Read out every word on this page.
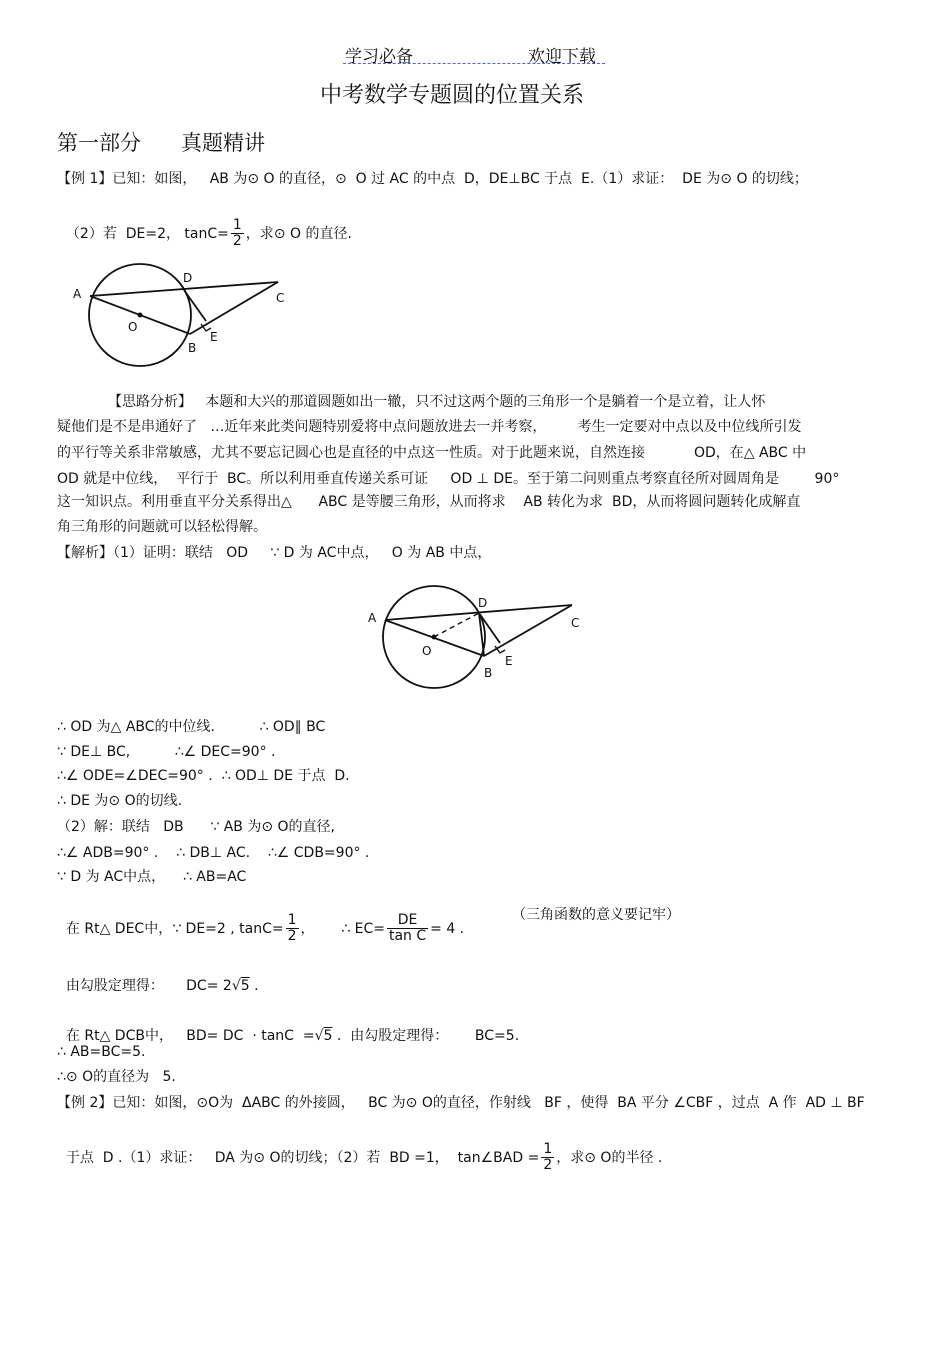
学习必备	欢迎下载
中考数学专题圆的位置关系
第一部分      真题精讲
【例 1】已知：如图，   AB 为⊙ O 的直径，⊙  O 过 AC 的中点  D，DE⊥BC 于点  E.（1）求证：  DE 为⊙ O 的切线；

（2）若  DE=2， $\tan C= \frac{1}{2}$ ，求⊙ O 的直径.

A
D
C
E
B
O
【思路分析】   本题和大兴的那道圆题如出一辙，只不过这两个题的三角形一个是躺着一个是立着，让人怀
疑他们是不是串通好了   …近年来此类问题特别爱将中点问题放进去一并考察，       考生一定要对中点以及中位线所引发
的平行等关系非常敏感，尤其不要忘记圆心也是直径的中点这一性质。对于此题来说，自然连接           OD，在△ ABC 中
OD 就是中位线，  平行于  BC。所以利用垂直传递关系可证     OD ⊥ DE。至于第二问则重点考察直径所对圆周角是        90°
这一知识点。利用垂直平分关系得出△      ABC 是等腰三角形，从而将求    AB 转化为求  BD，从而将圆问题转化成解直
角三角形的问题就可以轻松得解。
【解析】（1）证明：联结   OD     ∵ D 为 AC中点，   O 为 AB 中点，
A
D
C
E
B
O
∴ OD 为△ ABC的中位线.          ∴ OD∥ BC
∵ DE⊥ BC,          ∴∠ DEC=90° .
∴∠ ODE=∠DEC=90° .  ∴ OD⊥ DE 于点  D.
∴ DE 为⊙ O的切线.
（2）解：联结   DB      ∵ AB 为⊙ O的直径,
∴∠ ADB=90° .    ∴ DB⊥ AC.    ∴∠ CDB=90° .
∵ D 为 AC中点，    ∴ AB=AC

在 Rt△ DEC中，∵ DE=2 , $\tan C= \frac{1}{2}$ ，      ∴ $EC= \frac{DE}{\text{tan C}} = 4$ .

（三角函数的意义要记牢）

由勾股定理得：     DC= 2√5 .

在 Rt△ DCB中，   BD= DC  · tanC  =√5 .  由勾股定理得：      BC=5.

∴ AB=BC=5.
∴⊙ O的直径为   5.
【例 2】已知：如图，⊙O为  ΔABC 的外接圆，   BC 为⊙ O的直径，作射线   BF ，使得  BA 平分 ∠CBF ，过点  A 作  AD ⊥ BF

于点  D .（1）求证：   DA 为⊙ O的切线；（2）若  BD =1，  tan∠BAD = $\frac{1}{2}$ ，求⊙ O的半径 .
